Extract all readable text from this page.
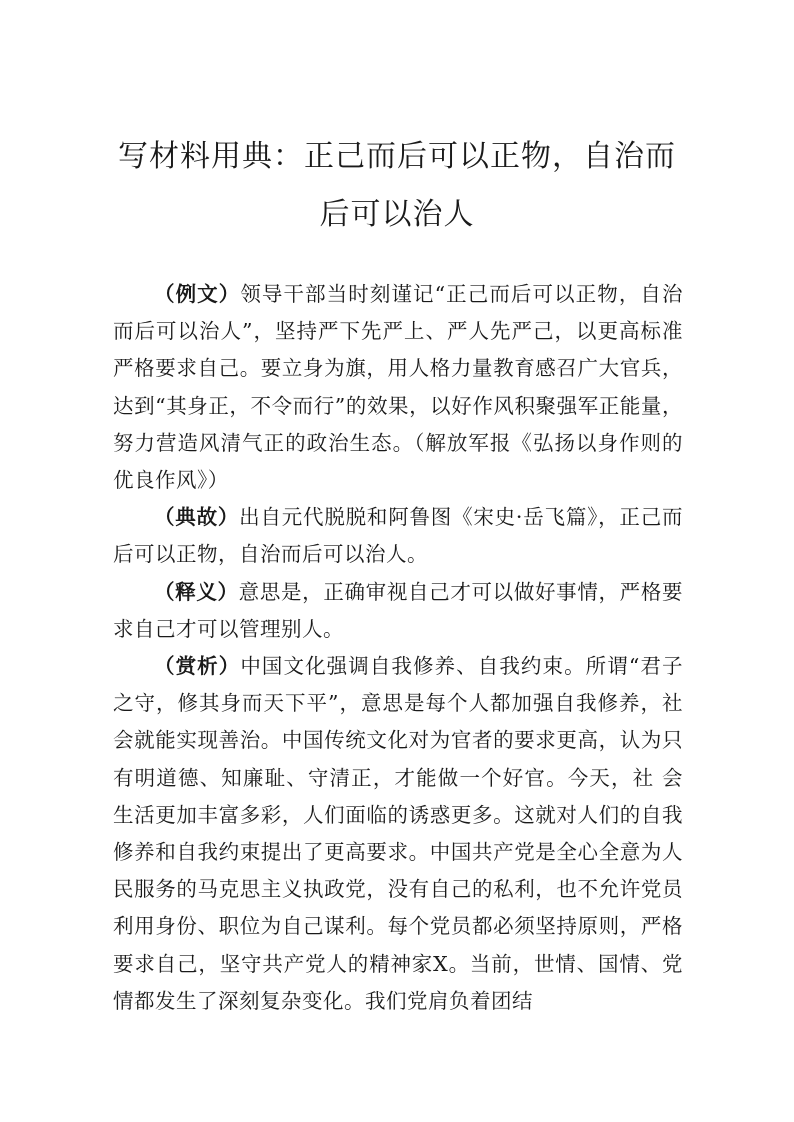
写材料用典：正己而后可以正物，自治而
后可以治人

（例文）领导干部当时刻谨记“正己而后可以正物，自治而后可以治人”，坚持严下先严上、严人先严己，以更高标准严格要求自己。要立身为旗，用人格力量教育感召广大官兵， 达到“其身正，不令而行”的效果，以好作风积聚强军正能量， 努力营造风清气正的政治生态。（解放军报《弘扬以身作则的优良作风》）

（典故）出自元代脱脱和阿鲁图《宋史·岳飞篇》，正己而后可以正物，自治而后可以治人。

（释义）意思是，正确审视自己才可以做好事情，严格要求自己才可以管理别人。

（赏析）中国文化强调自我修养、自我约束。所谓“君子之守，修其身而天下平”，意思是每个人都加强自我修养，社会就能实现善治。中国传统文化对为官者的要求更高，认为只有明道德、知廉耻、守清正，才能做一个好官。今天，社 会生活更加丰富多彩，人们面临的诱惑更多。这就对人们的自我修养和自我约束提出了更高要求。中国共产党是全心全意为人民服务的马克思主义执政党，没有自己的私利，也不允许党员利用身份、职位为自己谋利。每个党员都必须坚持原则，严格要求自己，坚守共产党人的精神家X。当前，世情、国情、党情都发生了深刻复杂变化。我们党肩负着团结
